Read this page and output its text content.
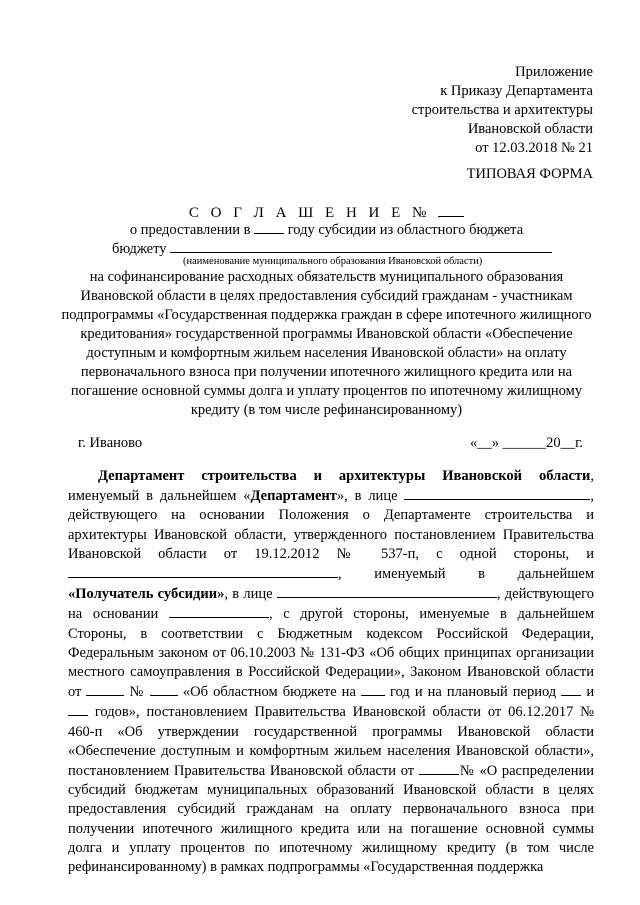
Приложение
к Приказу Департамента
строительства и архитектуры
Ивановской области
от 12.03.2018 № 21
ТИПОВАЯ ФОРМА
С О Г Л А Ш Е Н И Е №
о предоставлении в	году субсидии из областного бюджета
бюджету
(наименование муниципального образования Ивановской области)
на софинансирование расходных обязательств муниципального образования Ивановской области в целях предоставления субсидий гражданам - участникам подпрограммы «Государственная поддержка граждан в сфере ипотечного жилищного кредитования» государственной программы Ивановской области «Обеспечение доступным и комфортным жильем населения Ивановской области» на оплату первоначального взноса при получении ипотечного жилищного кредита или на погашение основной суммы долга и уплату процентов по ипотечному жилищному кредиту (в том числе рефинансированному)
г. Иваново	«__» ______20__г.

Департамент строительства и архитектуры Ивановской области, именуемый в дальнейшем «Департамент», в лице	, действующего на основании Положения о Департаменте строительства и архитектуры Ивановской области, утвержденного постановлением Правительства Ивановской области от 19.12.2012 № 537-п, с одной стороны, и , именуемый в дальнейшем «Получатель субсидии», в лице	, действующего на основании	, с другой стороны, именуемые в дальнейшем Стороны, в соответствии с Бюджетным кодексом Российской Федерации, Федеральным законом от 06.10.2003 № 131-ФЗ «Об общих принципах организации местного самоуправления в Российской Федерации», Законом Ивановской области от	№	«Об областном бюджете на год и на плановый период и  годов», постановлением Правительства Ивановской области от 06.12.2017 № 460-п «Об утверждении государственной программы Ивановской области «Обеспечение доступным и комфортным жильем населения Ивановской области», постановлением Правительства Ивановской области от	№ «О распределении субсидий бюджетам муниципальных образований Ивановской области в целях предоставления субсидий гражданам на оплату первоначального взноса при получении ипотечного жилищного кредита или на погашение основной суммы долга и уплату процентов по ипотечному жилищному кредиту (в том числе рефинансированному) в рамках подпрограммы «Государственная поддержка
